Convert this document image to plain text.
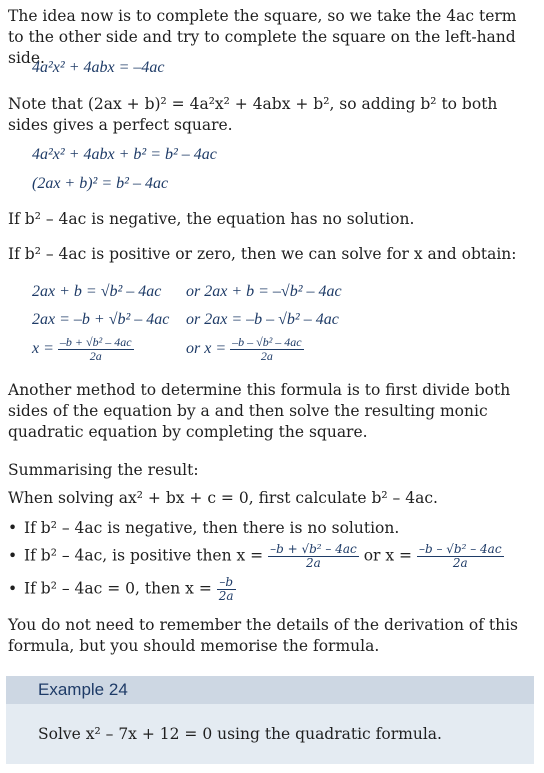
The idea now is to complete the square, so we take the 4ac term to the other side and try to complete the square on the left-hand side.

4a²x² + 4abx = –4ac

Note that (2ax + b)² = 4a²x² + 4abx + b², so adding b² to both sides gives a perfect square.

4a²x² + 4abx + b² = b² – 4ac
(2ax + b)² = b² – 4ac

If b² – 4ac is negative, the equation has no solution.

If b² – 4ac is positive or zero, then we can solve for x and obtain:

2ax + b = √b² – 4ac or 2ax + b = –√b² – 4ac
2ax = –b + √b² – 4ac or 2ax = –b – √b² – 4ac
$x = \frac{\text{–b + √b² – 4ac}}{2a}$	or $x = \frac{\text{–b – √b² – 4ac}}{2a}$

Another method to determine this formula is to first divide both sides of the equation by a and then solve the resulting monic quadratic equation by completing the square.

Summarising the result:

When solving ax² + bx + c = 0, first calculate b² – 4ac.

• If b² – 4ac is negative, then there is no solution.
• If b² – 4ac, is positive then $x = \frac{\text{–b + √b² – 4ac}}{2a}$ or $x = \frac{\text{–b – √b² – 4ac}}{2a}$
• If b² – 4ac = 0, then $x = \frac{-b}{2a}$

You do not need to remember the details of the derivation of this formula, but you should memorise the formula.

Example 24
Solve x² – 7x + 12 = 0 using the quadratic formula.
